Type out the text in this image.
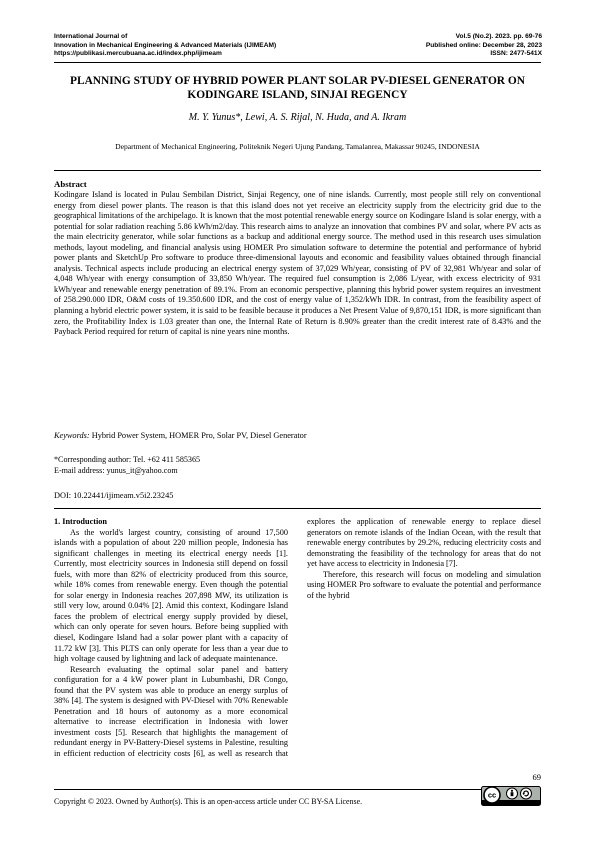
International Journal of
Innovation in Mechanical Engineering & Advanced Materials (IJIMEAM)
https://publikasi.mercubuana.ac.id/index.php/ijimeam
Vol.5 (No.2). 2023. pp. 69-76
Published online: December 28, 2023
ISSN: 2477-541X
PLANNING STUDY OF HYBRID POWER PLANT SOLAR PV-DIESEL GENERATOR ON KODINGARE ISLAND, SINJAI REGENCY
M. Y. Yunus*, Lewi, A. S. Rijal, N. Huda, and A. Ikram
Department of Mechanical Engineering, Politeknik Negeri Ujung Pandang, Tamalanrea, Makassar 90245, INDONESIA
Abstract
Kodingare Island is located in Pulau Sembilan District, Sinjai Regency, one of nine islands. Currently, most people still rely on conventional energy from diesel power plants. The reason is that this island does not yet receive an electricity supply from the electricity grid due to the geographical limitations of the archipelago. It is known that the most potential renewable energy source on Kodingare Island is solar energy, with a potential for solar radiation reaching 5.86 kWh/m2/day. This research aims to analyze an innovation that combines PV and solar, where PV acts as the main electricity generator, while solar functions as a backup and additional energy source. The method used in this research uses simulation methods, layout modeling, and financial analysis using HOMER Pro simulation software to determine the potential and performance of hybrid power plants and SketchUp Pro software to produce three-dimensional layouts and economic and feasibility values obtained through financial analysis. Technical aspects include producing an electrical energy system of 37,029 Wh/year, consisting of PV of 32,981 Wh/year and solar of 4,048 Wh/year with energy consumption of 33,850 Wh/year. The required fuel consumption is 2,086 L/year, with excess electricity of 931 kWh/year and renewable energy penetration of 89.1%. From an economic perspective, planning this hybrid power system requires an investment of 258.290.000 IDR, O&M costs of 19.350.600 IDR, and the cost of energy value of 1,352/kWh IDR. In contrast, from the feasibility aspect of planning a hybrid electric power system, it is said to be feasible because it produces a Net Present Value of 9,870,151 IDR, is more significant than zero, the Profitability Index is 1.03 greater than one, the Internal Rate of Return is 8.90% greater than the credit interest rate of 8.43% and the Payback Period required for return of capital is nine years nine months.
Keywords: Hybrid Power System, HOMER Pro, Solar PV, Diesel Generator
*Corresponding author: Tel. +62 411 585365
E-mail address: yunus_it@yahoo.com
DOI: 10.22441/ijimeam.v5i2.23245
1. Introduction

As the world's largest country, consisting of around 17,500 islands with a population of about 220 million people, Indonesia has significant challenges in meeting its electrical energy needs [1]. Currently, most electricity sources in Indonesia still depend on fossil fuels, with more than 82% of electricity produced from this source, while 18% comes from renewable energy. Even though the potential for solar energy in Indonesia reaches 207,898 MW, its utilization is still very low, around 0.04% [2]. Amid this context, Kodingare Island faces the problem of electrical energy supply provided by diesel, which can only operate for seven hours. Before being supplied with diesel, Kodingare Island had a solar power plant with a capacity of 11.72 kW [3]. This PLTS can only operate for less than a year due to high voltage caused by lightning and lack of adequate maintenance.

Research evaluating the optimal solar panel and battery configuration for a 4 kW power plant in Lubumbashi, DR Congo, found that the PV system was able to produce an energy surplus of 38% [4]. The system is designed with PV-Diesel with 70% Renewable Penetration and 18 hours of autonomy as a more economical alternative to increase electrification in Indonesia with lower investment costs [5]. Research that highlights the management of redundant energy in PV-Battery-Diesel systems in Palestine, resulting in efficient reduction of electricity costs [6], as well as research that

explores the application of renewable energy to replace diesel generators on remote islands of the Indian Ocean, with the result that renewable energy contributes by 29.2%, reducing electricity costs and demonstrating the feasibility of the technology for areas that do not yet have access to electricity in Indonesia [7].

Therefore, this research will focus on modeling and simulation using HOMER Pro software to evaluate the potential and performance of the hybrid

69
Copyright © 2023. Owned by Author(s). This is an open-access article under CC BY-SA License.
cc
